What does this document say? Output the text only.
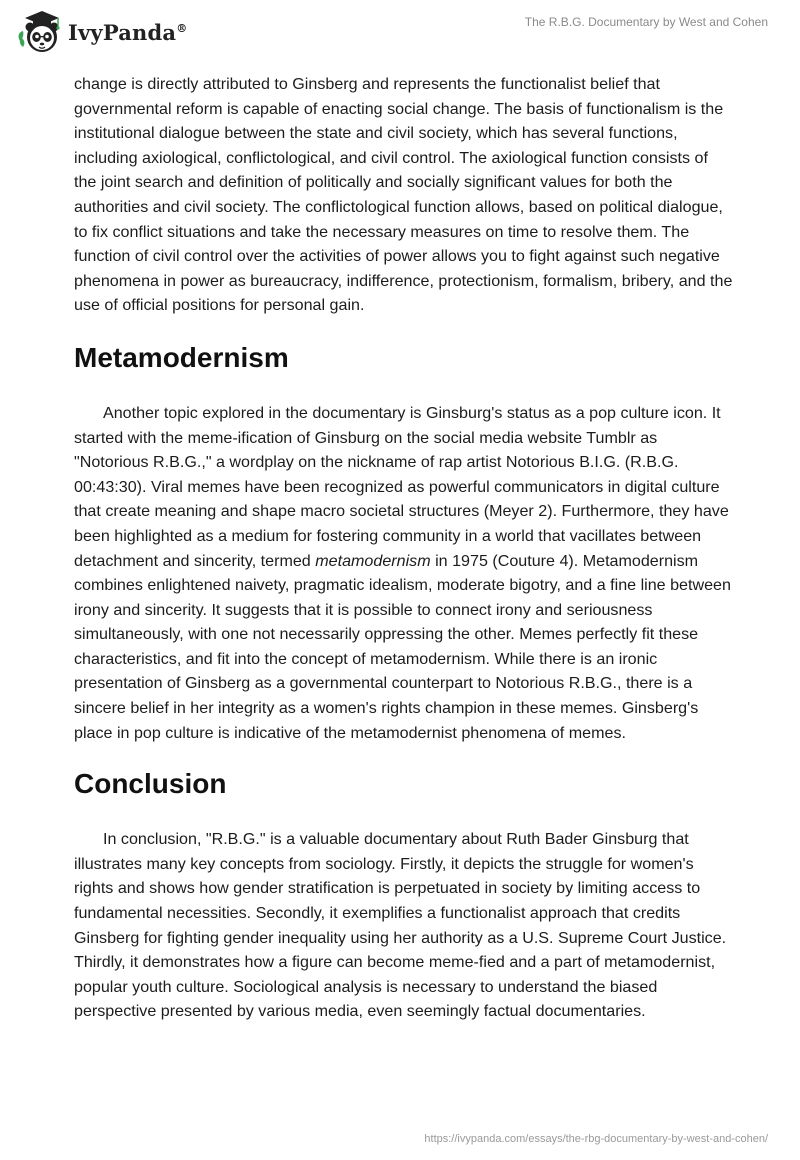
IvyPanda®	The R.B.G. Documentary by West and Cohen

change is directly attributed to Ginsberg and represents the functionalist belief that governmental reform is capable of enacting social change. The basis of functionalism is the institutional dialogue between the state and civil society, which has several functions, including axiological, conflictological, and civil control. The axiological function consists of the joint search and definition of politically and socially significant values for both the authorities and civil society. The conflictological function allows, based on political dialogue, to fix conflict situations and take the necessary measures on time to resolve them. The function of civil control over the activities of power allows you to fight against such negative phenomena in power as bureaucracy, indifference, protectionism, formalism, bribery, and the use of official positions for personal gain.

Metamodernism

Another topic explored in the documentary is Ginsburg's status as a pop culture icon. It started with the meme-ification of Ginsburg on the social media website Tumblr as "Notorious R.B.G.," a wordplay on the nickname of rap artist Notorious B.I.G. (R.B.G. 00:43:30). Viral memes have been recognized as powerful communicators in digital culture that create meaning and shape macro societal structures (Meyer 2). Furthermore, they have been highlighted as a medium for fostering community in a world that vacillates between detachment and sincerity, termed metamodernism in 1975 (Couture 4). Metamodernism combines enlightened naivety, pragmatic idealism, moderate bigotry, and a fine line between irony and sincerity. It suggests that it is possible to connect irony and seriousness simultaneously, with one not necessarily oppressing the other. Memes perfectly fit these characteristics, and fit into the concept of metamodernism. While there is an ironic presentation of Ginsberg as a governmental counterpart to Notorious R.B.G., there is a sincere belief in her integrity as a women's rights champion in these memes. Ginsberg's place in pop culture is indicative of the metamodernist phenomena of memes.

Conclusion

In conclusion, "R.B.G." is a valuable documentary about Ruth Bader Ginsburg that illustrates many key concepts from sociology. Firstly, it depicts the struggle for women's rights and shows how gender stratification is perpetuated in society by limiting access to fundamental necessities. Secondly, it exemplifies a functionalist approach that credits Ginsberg for fighting gender inequality using her authority as a U.S. Supreme Court Justice. Thirdly, it demonstrates how a figure can become meme-fied and a part of metamodernist, popular youth culture. Sociological analysis is necessary to understand the biased perspective presented by various media, even seemingly factual documentaries.

https://ivypanda.com/essays/the-rbg-documentary-by-west-and-cohen/
